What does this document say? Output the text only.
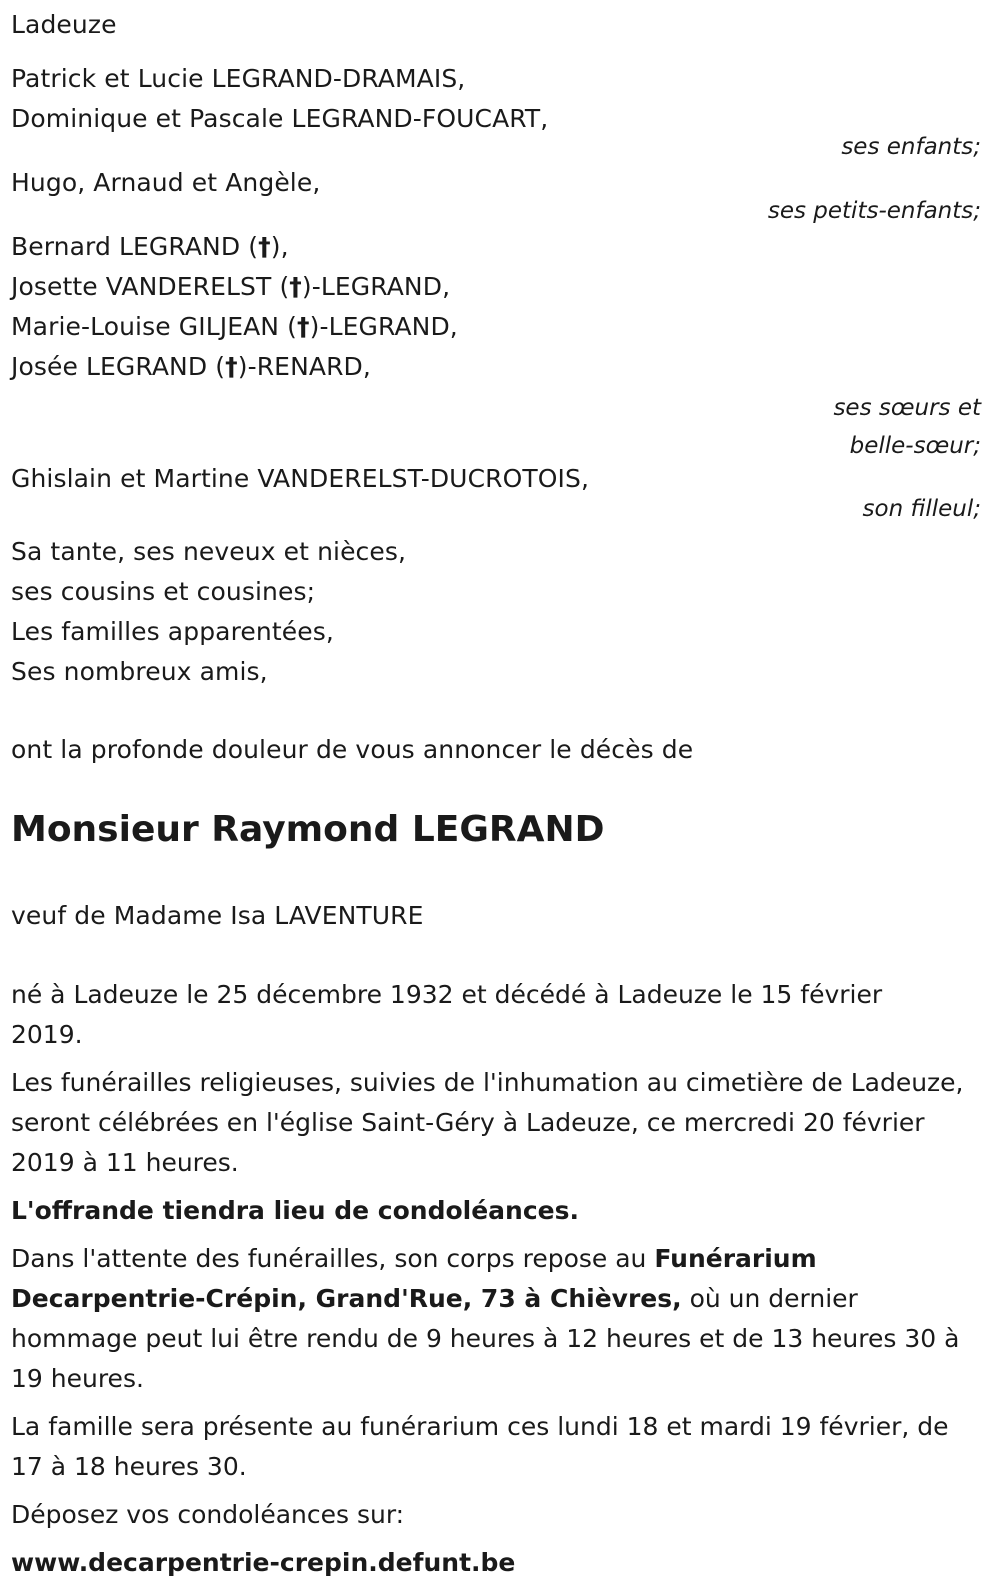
Ladeuze
Patrick et Lucie LEGRAND-DRAMAIS,
Dominique et Pascale LEGRAND-FOUCART,
ses enfants;
Hugo, Arnaud et Angèle,
ses petits-enfants;
Bernard LEGRAND (†),
Josette VANDERELST (†)-LEGRAND,
Marie-Louise GILJEAN (†)-LEGRAND,
Josée LEGRAND (†)-RENARD,
ses sœurs et
belle-sœur;
Ghislain et Martine VANDERELST-DUCROTOIS,
son filleul;
Sa tante, ses neveux et nièces,
ses cousins et cousines;
Les familles apparentées,
Ses nombreux amis,
ont la profonde douleur de vous annoncer le décès de
Monsieur Raymond LEGRAND
veuf de Madame Isa LAVENTURE
né à Ladeuze le 25 décembre 1932 et décédé à Ladeuze le 15 février 2019.
Les funérailles religieuses, suivies de l'inhumation au cimetière de Ladeuze, seront célébrées en l'église Saint-Géry à Ladeuze, ce mercredi 20 février 2019 à 11 heures.
L'offrande tiendra lieu de condoléances.
Dans l'attente des funérailles, son corps repose au Funérarium Decarpentrie-Crépin, Grand'Rue, 73 à Chièvres, où un dernier hommage peut lui être rendu de 9 heures à 12 heures et de 13 heures 30 à 19 heures.
La famille sera présente au funérarium ces lundi 18 et mardi 19 février, de 17 à 18 heures 30.
Déposez vos condoléances sur:
www.decarpentrie-crepin.defunt.be
